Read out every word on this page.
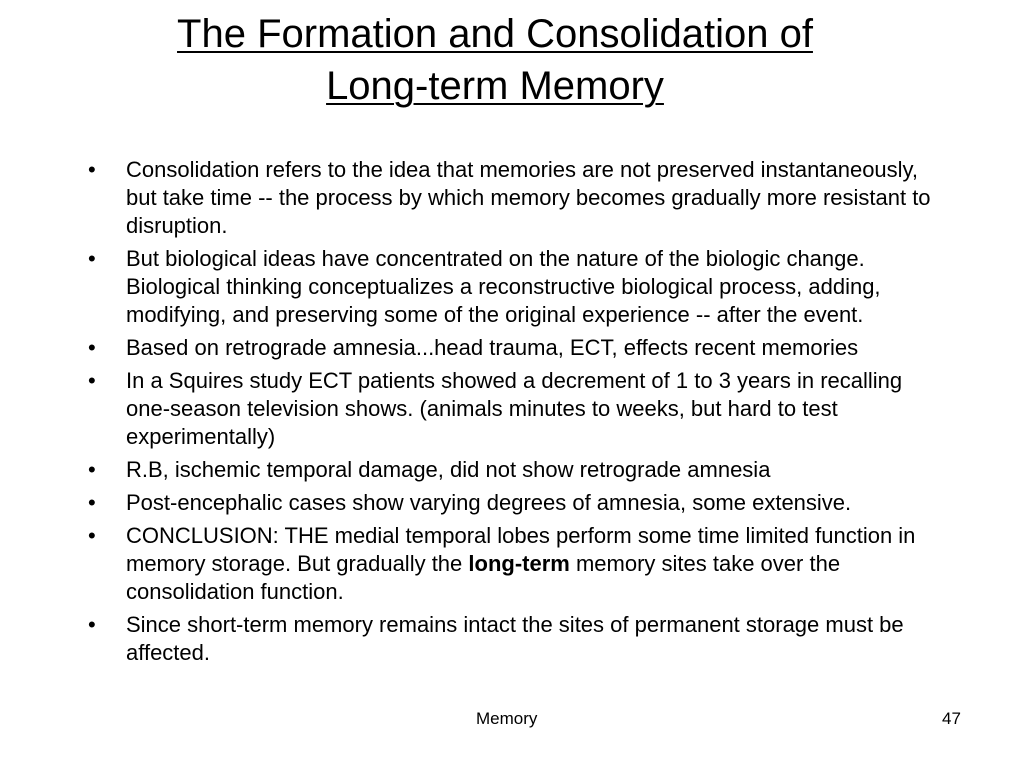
The Formation and Consolidation of
Long-term Memory
• Consolidation refers to the idea that memories are not preserved instantaneously, but take time -- the process by which memory becomes gradually more resistant to disruption.
• But biological ideas have concentrated on the nature of the biologic change. Biological thinking conceptualizes a reconstructive biological process, adding, modifying, and preserving some of the original experience -- after the event.
• Based on retrograde amnesia...head trauma, ECT, effects recent memories
• In a Squires study ECT patients showed a decrement of 1 to 3 years in recalling one-season television shows. (animals minutes to weeks, but hard to test experimentally)
• R.B, ischemic temporal damage, did not show retrograde amnesia
• Post-encephalic cases show varying degrees of amnesia, some extensive.
• CONCLUSION: THE medial temporal lobes perform some time limited function in memory storage. But gradually the long-term memory sites take over the consolidation function.
• Since short-term memory remains intact the sites of permanent storage must be affected.
Memory	47
